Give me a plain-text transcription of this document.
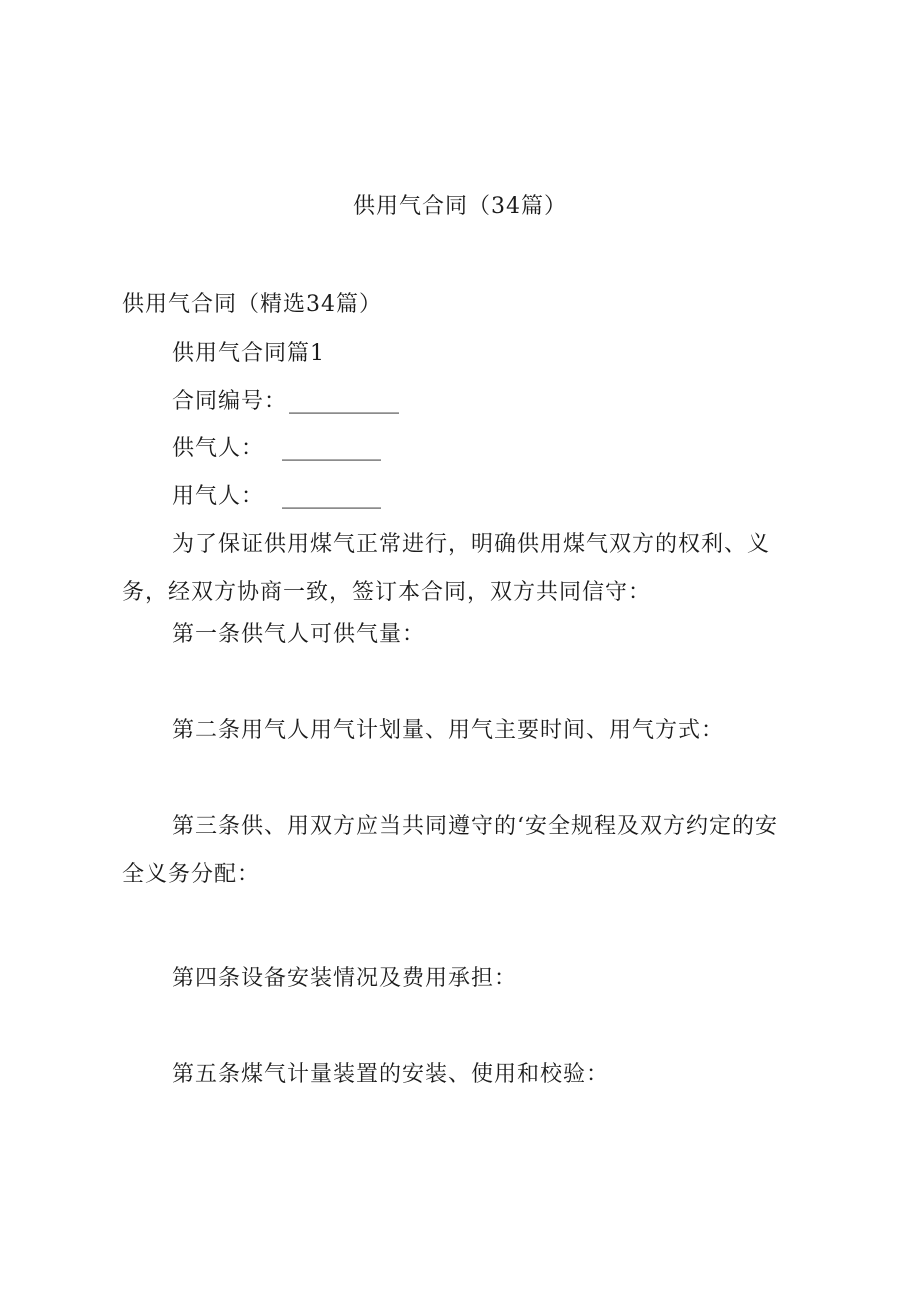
供用气合同（34篇）
供用气合同（精选34篇）
供用气合同篇1
合同编号：__________
供气人： _________
用气人： _________
为了保证供用煤气正常进行，明确供用煤气双方的权利、义务，经双方协商一致，签订本合同，双方共同信守：
第一条供气人可供气量：
第二条用气人用气计划量、用气主要时间、用气方式：
第三条供、用双方应当共同遵守的‘安全规程及双方约定的安全义务分配：
第四条设备安装情况及费用承担：
第五条煤气计量装置的安装、使用和校验：
